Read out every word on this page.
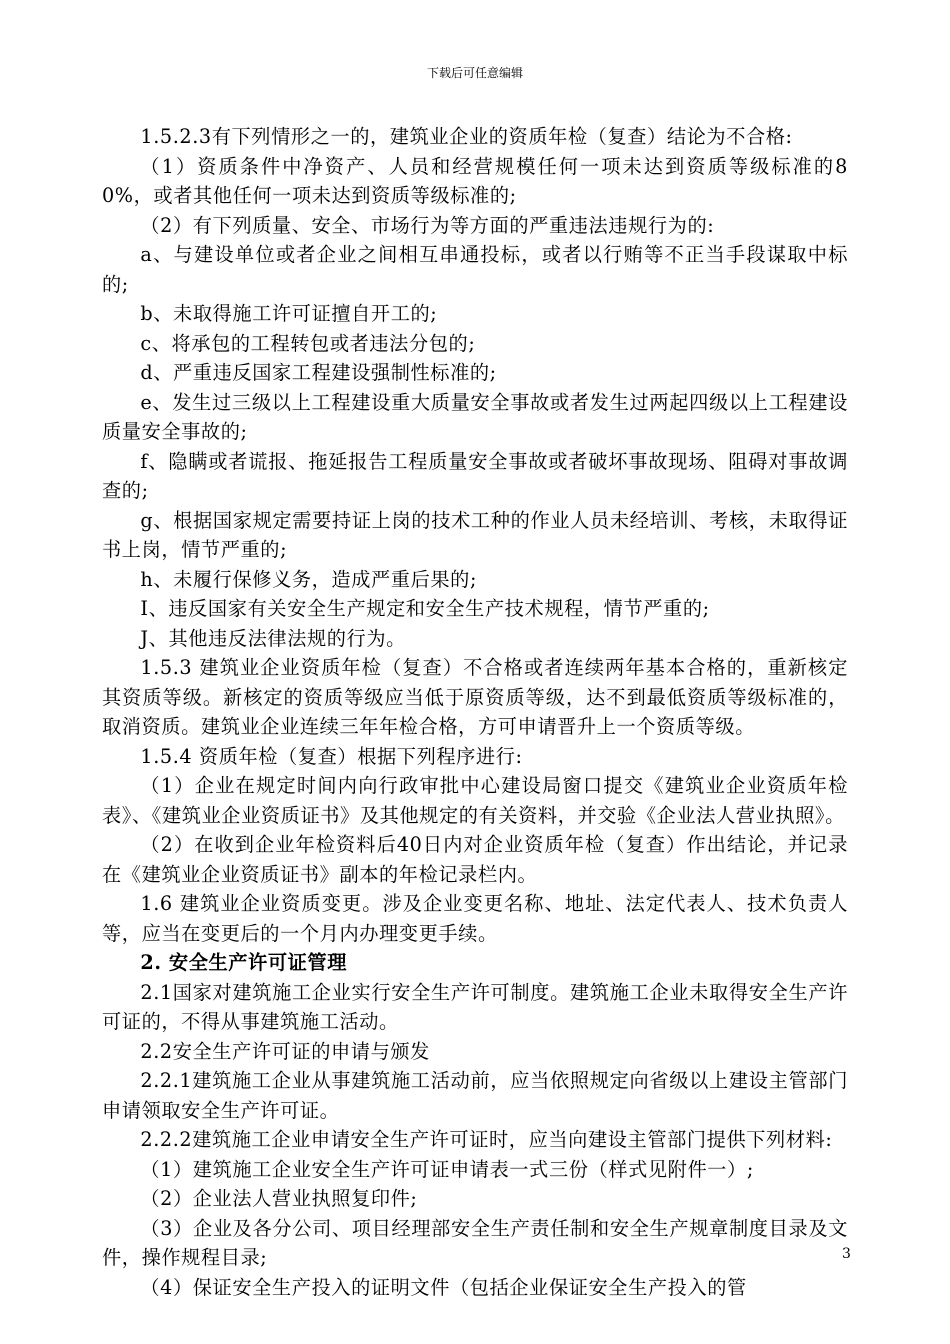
下载后可任意编辑

1.5.2.3有下列情形之一的，建筑业企业的资质年检（复查）结论为不合格:

（1）资质条件中净资产、人员和经营规模任何一项未达到资质等级标准的80%，或者其他任何一项未达到资质等级标准的;

（2）有下列质量、安全、市场行为等方面的严重违法违规行为的:

a、与建设单位或者企业之间相互串通投标，或者以行贿等不正当手段谋取中标的;

b、未取得施工许可证擅自开工的;

c、将承包的工程转包或者违法分包的;

d、严重违反国家工程建设强制性标准的;

e、发生过三级以上工程建设重大质量安全事故或者发生过两起四级以上工程建设质量安全事故的;

f、隐瞒或者谎报、拖延报告工程质量安全事故或者破坏事故现场、阻碍对事故调查的;

g、根据国家规定需要持证上岗的技术工种的作业人员未经培训、考核，未取得证书上岗，情节严重的;

h、未履行保修义务，造成严重后果的;

I、违反国家有关安全生产规定和安全生产技术规程，情节严重的;

J、其他违反法律法规的行为。

1.5.3 建筑业企业资质年检（复查）不合格或者连续两年基本合格的，重新核定其资质等级。新核定的资质等级应当低于原资质等级，达不到最低资质等级标准的，取消资质。建筑业企业连续三年年检合格，方可申请晋升上一个资质等级。

1.5.4 资质年检（复查）根据下列程序进行:

（1）企业在规定时间内向行政审批中心建设局窗口提交《建筑业企业资质年检表》、《建筑业企业资质证书》及其他规定的有关资料，并交验《企业法人营业执照》。

（2）在收到企业年检资料后40日内对企业资质年检（复查）作出结论，并记录在《建筑业企业资质证书》副本的年检记录栏内。

1.6 建筑业企业资质变更。涉及企业变更名称、地址、法定代表人、技术负责人等，应当在变更后的一个月内办理变更手续。

2. 安全生产许可证管理

2.1国家对建筑施工企业实行安全生产许可制度。建筑施工企业未取得安全生产许可证的，不得从事建筑施工活动。

2.2安全生产许可证的申请与颁发

2.2.1建筑施工企业从事建筑施工活动前，应当依照规定向省级以上建设主管部门申请领取安全生产许可证。

2.2.2建筑施工企业申请安全生产许可证时，应当向建设主管部门提供下列材料:

（1）建筑施工企业安全生产许可证申请表一式三份（样式见附件一）;

（2）企业法人营业执照复印件;

（3）企业及各分公司、项目经理部安全生产责任制和安全生产规章制度目录及文件，操作规程目录;

（4）保证安全生产投入的证明文件（包括企业保证安全生产投入的管

3
